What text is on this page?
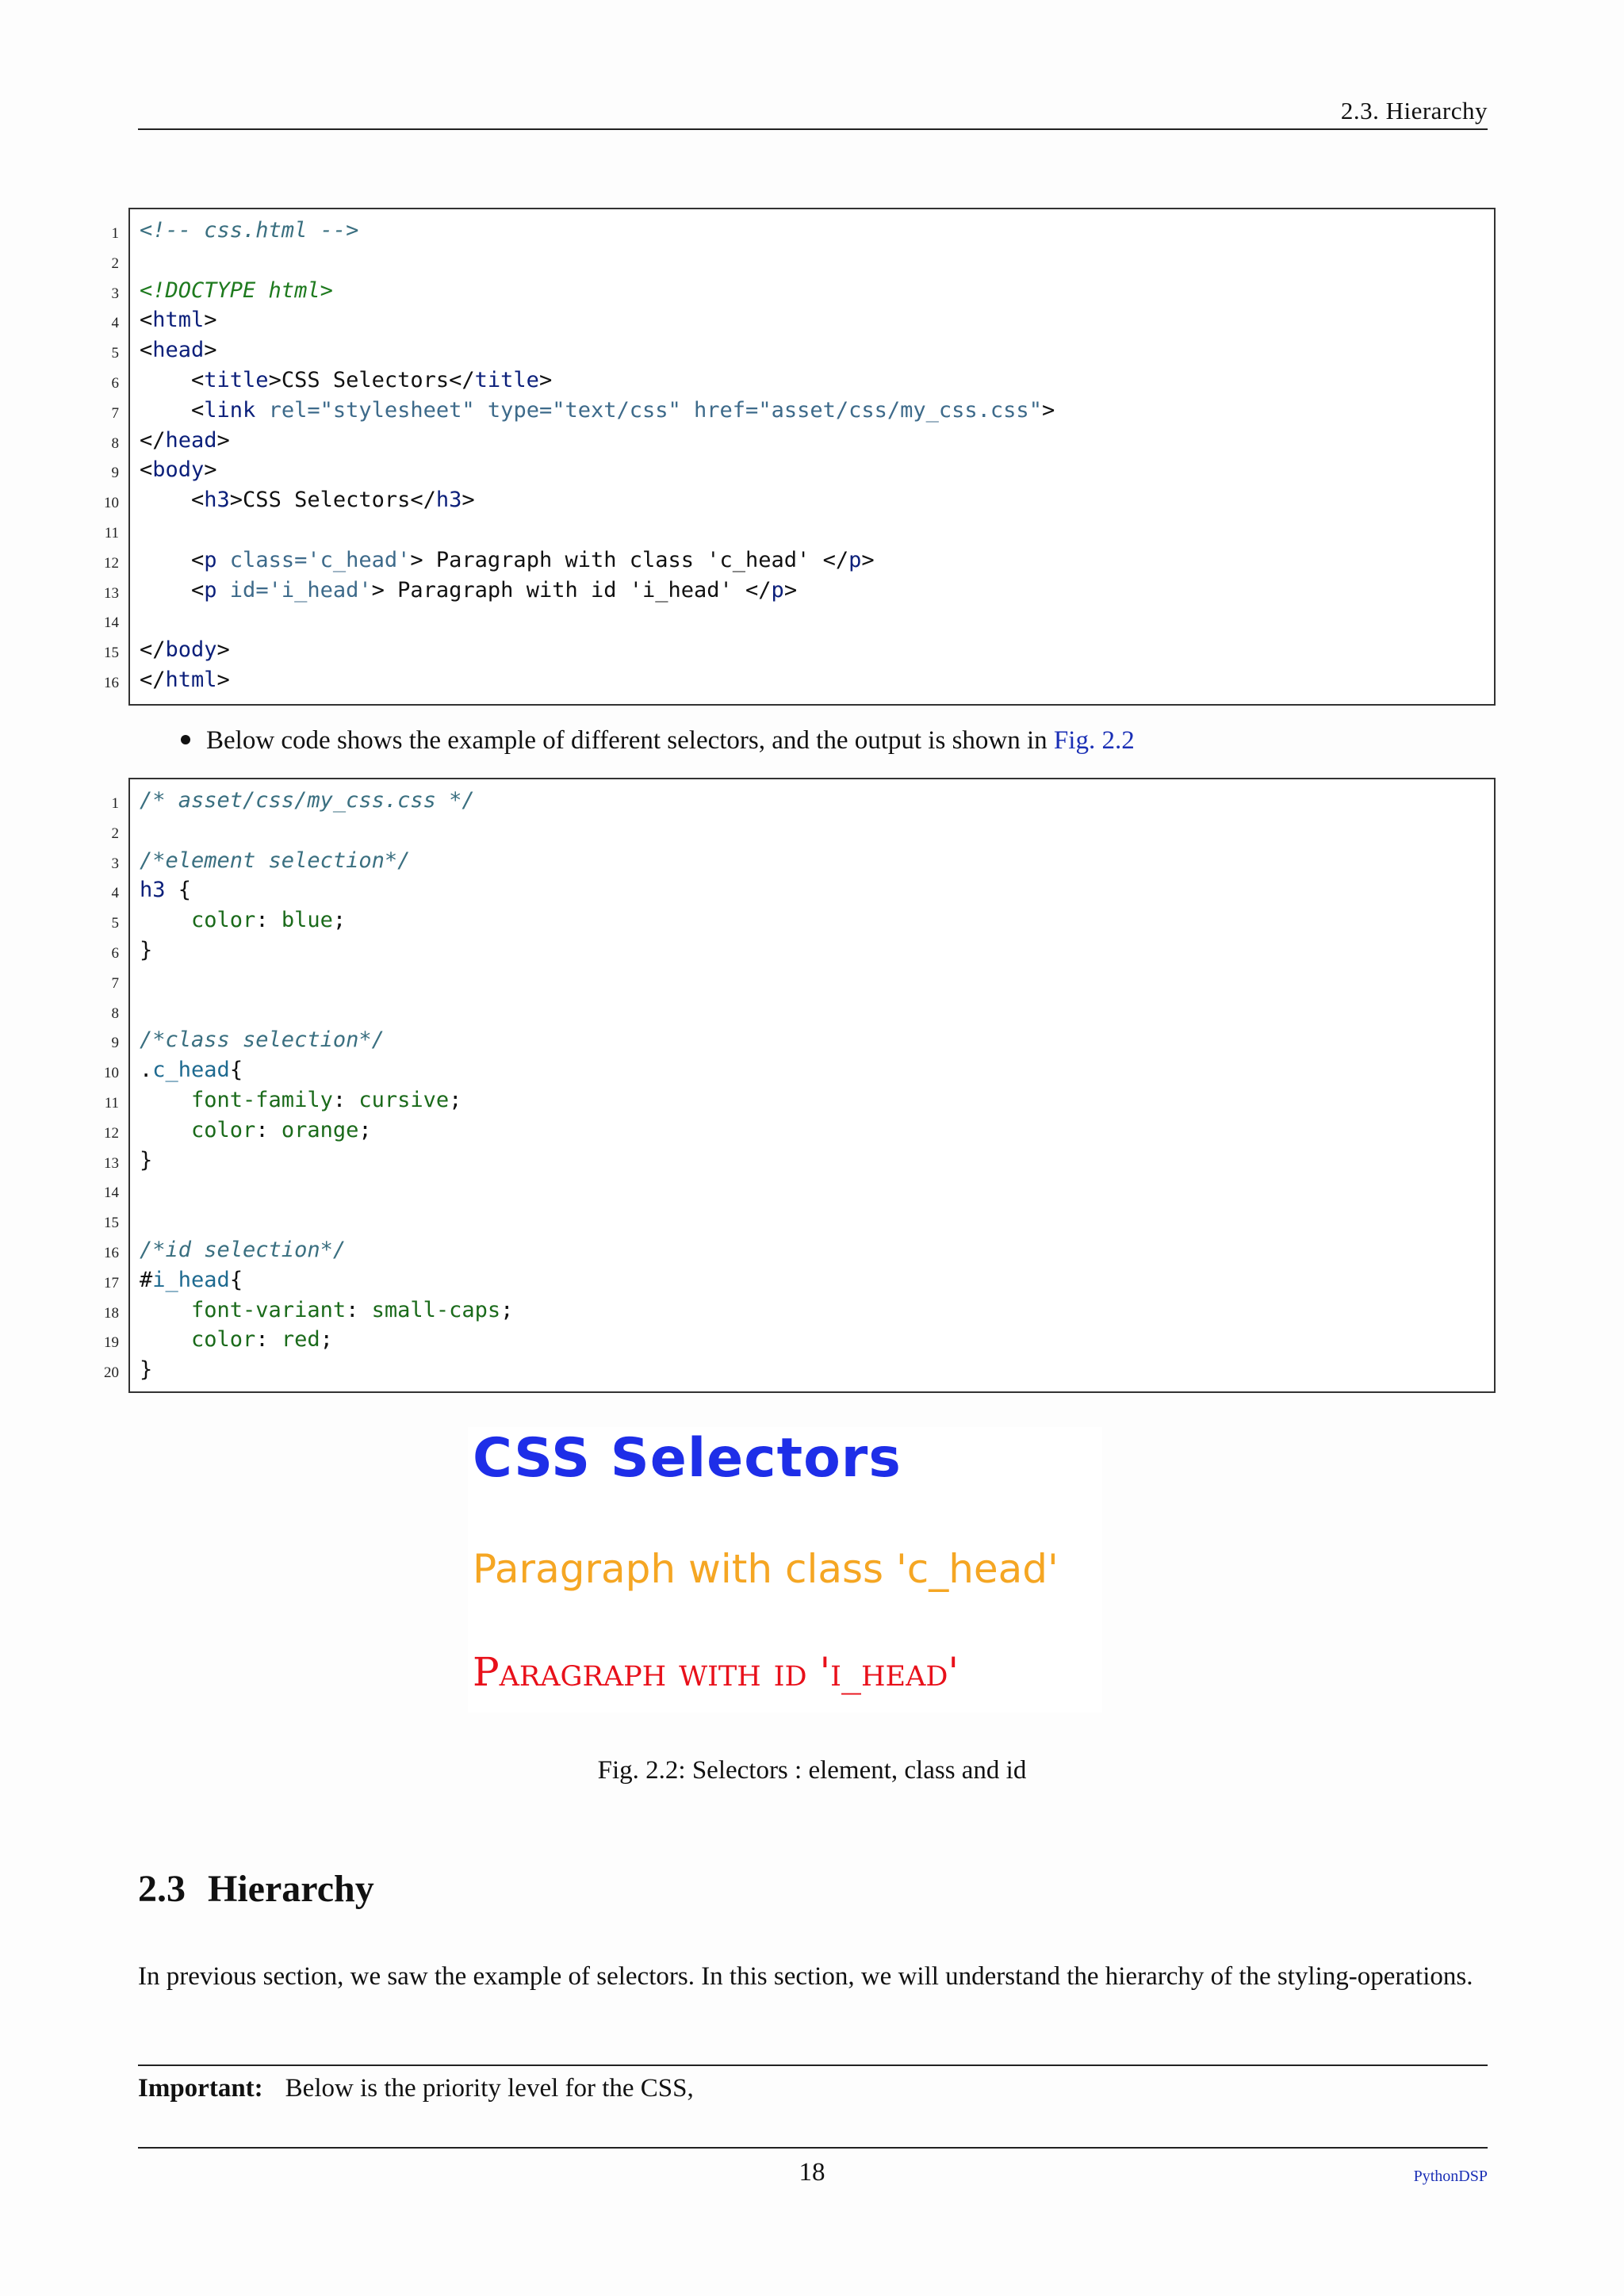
2.3. Hierarchy
1 <!-- css.html -->
2
3 <!DOCTYPE html>
4 <html>
5 <head>
6 <title>CSS Selectors</title>
7 <link rel="stylesheet" type="text/css" href="asset/css/my_css.css">
8 </head>
9 <body>
10 <h3>CSS Selectors</h3>
11
12 <p class='c_head'> Paragraph with class 'c_head' </p>
13 <p id='i_head'> Paragraph with id 'i_head' </p>
14
15 </body>
16 </html>
Below code shows the example of different selectors, and the output is shown in Fig. 2.2
1 /* asset/css/my_css.css */
2
3 /*element selection*/
4 h3 {
5 color: blue;
6 }
7
8
9 /*class selection*/
10 .c_head{
11 font-family: cursive;
12 color: orange;
13 }
14
15
16 /*id selection*/
17 #i_head{
18 font-variant: small-caps;
19 color: red;
20 }
CSS Selectors
Paragraph with class 'c_head'
Paragraph with id 'i_head'
Fig. 2.2: Selectors : element, class and id
2.3 Hierarchy
In previous section, we saw the example of selectors. In this section, we will understand the hierarchy of the styling-operations.
Important: Below is the priority level for the CSS,
18	PythonDSP
